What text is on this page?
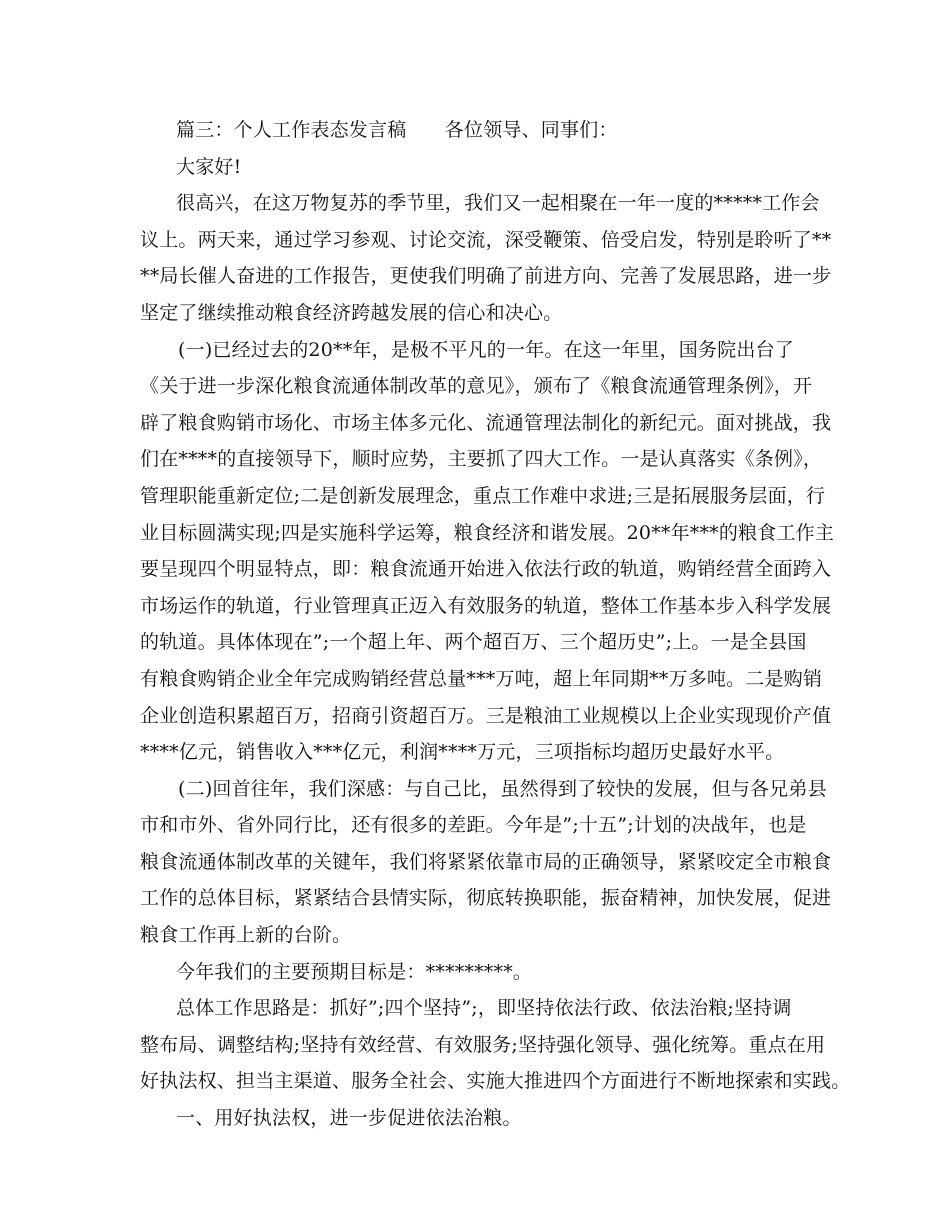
篇三：个人工作表态发言稿　　各位领导、同事们：
大家好!
很高兴，在这万物复苏的季节里，我们又一起相聚在一年一度的*****工作会
议上。两天来，通过学习参观、讨论交流，深受鞭策、倍受启发，特别是聆听了**
**局长催人奋进的工作报告，更使我们明确了前进方向、完善了发展思路，进一步
坚定了继续推动粮食经济跨越发展的信心和决心。
(一)已经过去的20**年，是极不平凡的一年。在这一年里，国务院出台了
《关于进一步深化粮食流通体制改革的意见》，颁布了《粮食流通管理条例》，开
辟了粮食购销市场化、市场主体多元化、流通管理法制化的新纪元。面对挑战，我
们在****的直接领导下，顺时应势，主要抓了四大工作。一是认真落实《条例》，
管理职能重新定位;二是创新发展理念，重点工作难中求进;三是拓展服务层面，行
业目标圆满实现;四是实施科学运筹，粮食经济和谐发展。20**年***的粮食工作主
要呈现四个明显特点，即：粮食流通开始进入依法行政的轨道，购销经营全面跨入
市场运作的轨道，行业管理真正迈入有效服务的轨道，整体工作基本步入科学发展
的轨道。具体体现在”;一个超上年、两个超百万、三个超历史”;上。一是全县国
有粮食购销企业全年完成购销经营总量***万吨，超上年同期**万多吨。二是购销
企业创造积累超百万，招商引资超百万。三是粮油工业规模以上企业实现现价产值
****亿元，销售收入***亿元，利润****万元，三项指标均超历史最好水平。
(二)回首往年，我们深感：与自己比，虽然得到了较快的发展，但与各兄弟县
市和市外、省外同行比，还有很多的差距。今年是”;十五”;计划的决战年，也是
粮食流通体制改革的关键年，我们将紧紧依靠市局的正确领导，紧紧咬定全市粮食
工作的总体目标，紧紧结合县情实际，彻底转换职能，振奋精神，加快发展，促进
粮食工作再上新的台阶。
今年我们的主要预期目标是：*********。
总体工作思路是：抓好”;四个坚持”;，即坚持依法行政、依法治粮;坚持调
整布局、调整结构;坚持有效经营、有效服务;坚持强化领导、强化统筹。重点在用
好执法权、担当主渠道、服务全社会、实施大推进四个方面进行不断地探索和实践。
一、用好执法权，进一步促进依法治粮。
